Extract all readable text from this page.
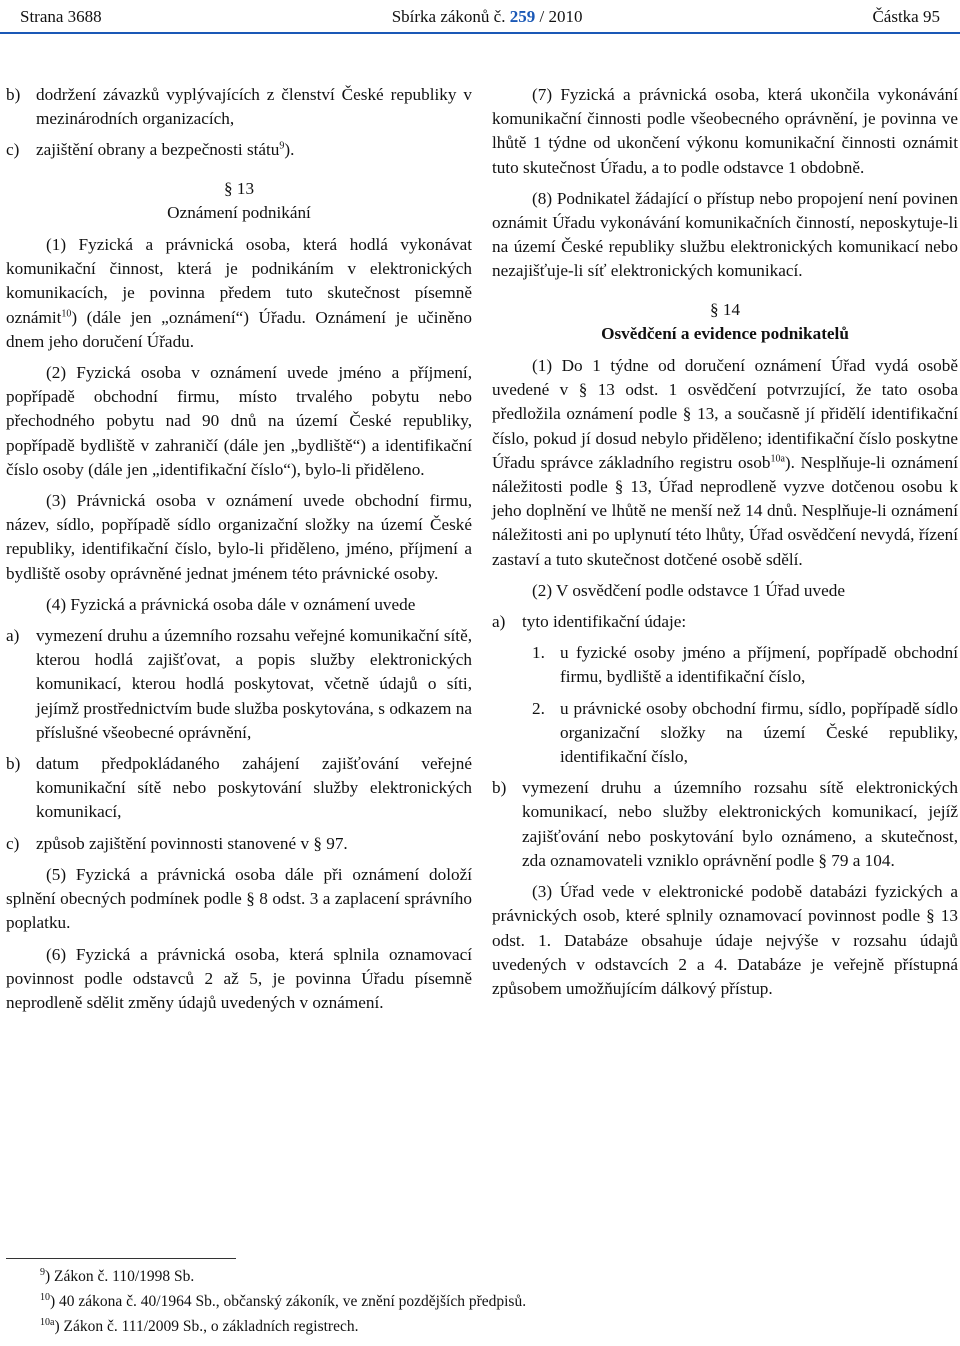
Strana 3688	Sbírka zákonů č. 259 / 2010	Částka 95
b) dodržení závazků vyplývajících z členství České republiky v mezinárodních organizacích,
c) zajištění obrany a bezpečnosti státu$^9$).

§ 13

Oznámení podnikání

(1) Fyzická a právnická osoba, která hodlá vykonávat komunikační činnost, která je podnikáním v elektronických komunikacích, je povinna předem tuto skutečnost písemně oznámit$^{10}$) (dále jen „oznámení“) Úřadu. Oznámení je učiněno dnem jeho doručení Úřadu.

(2) Fyzická osoba v oznámení uvede jméno a příjmení, popřípadě obchodní firmu, místo trvalého pobytu nebo přechodného pobytu nad 90 dnů na území České republiky, popřípadě bydliště v zahraničí (dále jen „bydliště“) a identifikační číslo osoby (dále jen „identifikační číslo“), bylo-li přiděleno.

(3) Právnická osoba v oznámení uvede obchodní firmu, název, sídlo, popřípadě sídlo organizační složky na území České republiky, identifikační číslo, bylo-li přiděleno, jméno, příjmení a bydliště osoby oprávněné jednat jménem této právnické osoby.

(4) Fyzická a právnická osoba dále v oznámení uvede

a) vymezení druhu a územního rozsahu veřejné komunikační sítě, kterou hodlá zajišťovat, a popis služby elektronických komunikací, kterou hodlá poskytovat, včetně údajů o síti, jejímž prostřednictvím bude služba poskytována, s odkazem na příslušné všeobecné oprávnění,
b) datum předpokládaného zahájení zajišťování veřejné komunikační sítě nebo poskytování služby elektronických komunikací,
c) způsob zajištění povinnosti stanovené v § 97.

(5) Fyzická a právnická osoba dále při oznámení doloží splnění obecných podmínek podle § 8 odst. 3 a zaplacení správního poplatku.

(6) Fyzická a právnická osoba, která splnila oznamovací povinnost podle odstavců 2 až 5, je povinna Úřadu písemně neprodleně sdělit změny údajů uvedených v oznámení.

(7) Fyzická a právnická osoba, která ukončila vykonávání komunikační činnosti podle všeobecného oprávnění, je povinna ve lhůtě 1 týdne od ukončení výkonu komunikační činnosti oznámit tuto skutečnost Úřadu, a to podle odstavce 1 obdobně.

(8) Podnikatel žádající o přístup nebo propojení není povinen oznámit Úřadu vykonávání komunikačních činností, neposkytuje-li na území České republiky službu elektronických komunikací nebo nezajišťuje-li síť elektronických komunikací.

§ 14

Osvědčení a evidence podnikatelů

(1) Do 1 týdne od doručení oznámení Úřad vydá osobě uvedené v § 13 odst. 1 osvědčení potvrzující, že tato osoba předložila oznámení podle § 13, a současně jí přidělí identifikační číslo, pokud jí dosud nebylo přiděleno; identifikační číslo poskytne Úřadu správce základního registru osob$^{10a}$). Nesplňuje-li oznámení náležitosti podle § 13, Úřad neprodleně vyzve dotčenou osobu k jeho doplnění ve lhůtě ne menší než 14 dnů. Nesplňuje-li oznámení náležitosti ani po uplynutí této lhůty, Úřad osvědčení nevydá, řízení zastaví a tuto skutečnost dotčené osobě sdělí.

(2) V osvědčení podle odstavce 1 Úřad uvede

a) tyto identifikační údaje:
1. u fyzické osoby jméno a příjmení, popřípadě obchodní firmu, bydliště a identifikační číslo,
2. u právnické osoby obchodní firmu, sídlo, popřípadě sídlo organizační složky na území České republiky, identifikační číslo,
b) vymezení druhu a územního rozsahu sítě elektronických komunikací, nebo služby elektronických komunikací, jejíž zajišťování nebo poskytování bylo oznámeno, a skutečnost, zda oznamovateli vzniklo oprávnění podle § 79 a 104.

(3) Úřad vede v elektronické podobě databázi fyzických a právnických osob, které splnily oznamovací povinnost podle § 13 odst. 1. Databáze obsahuje údaje nejvýše v rozsahu údajů uvedených v odstavcích 2 a 4. Databáze je veřejně přístupná způsobem umožňujícím dálkový přístup.

$^9$) Zákon č. 110/1998 Sb.

$^{10}$) 40 zákona č. 40/1964 Sb., občanský zákoník, ve znění pozdějších předpisů.

$^{10a}$) Zákon č. 111/2009 Sb., o základních registrech.
